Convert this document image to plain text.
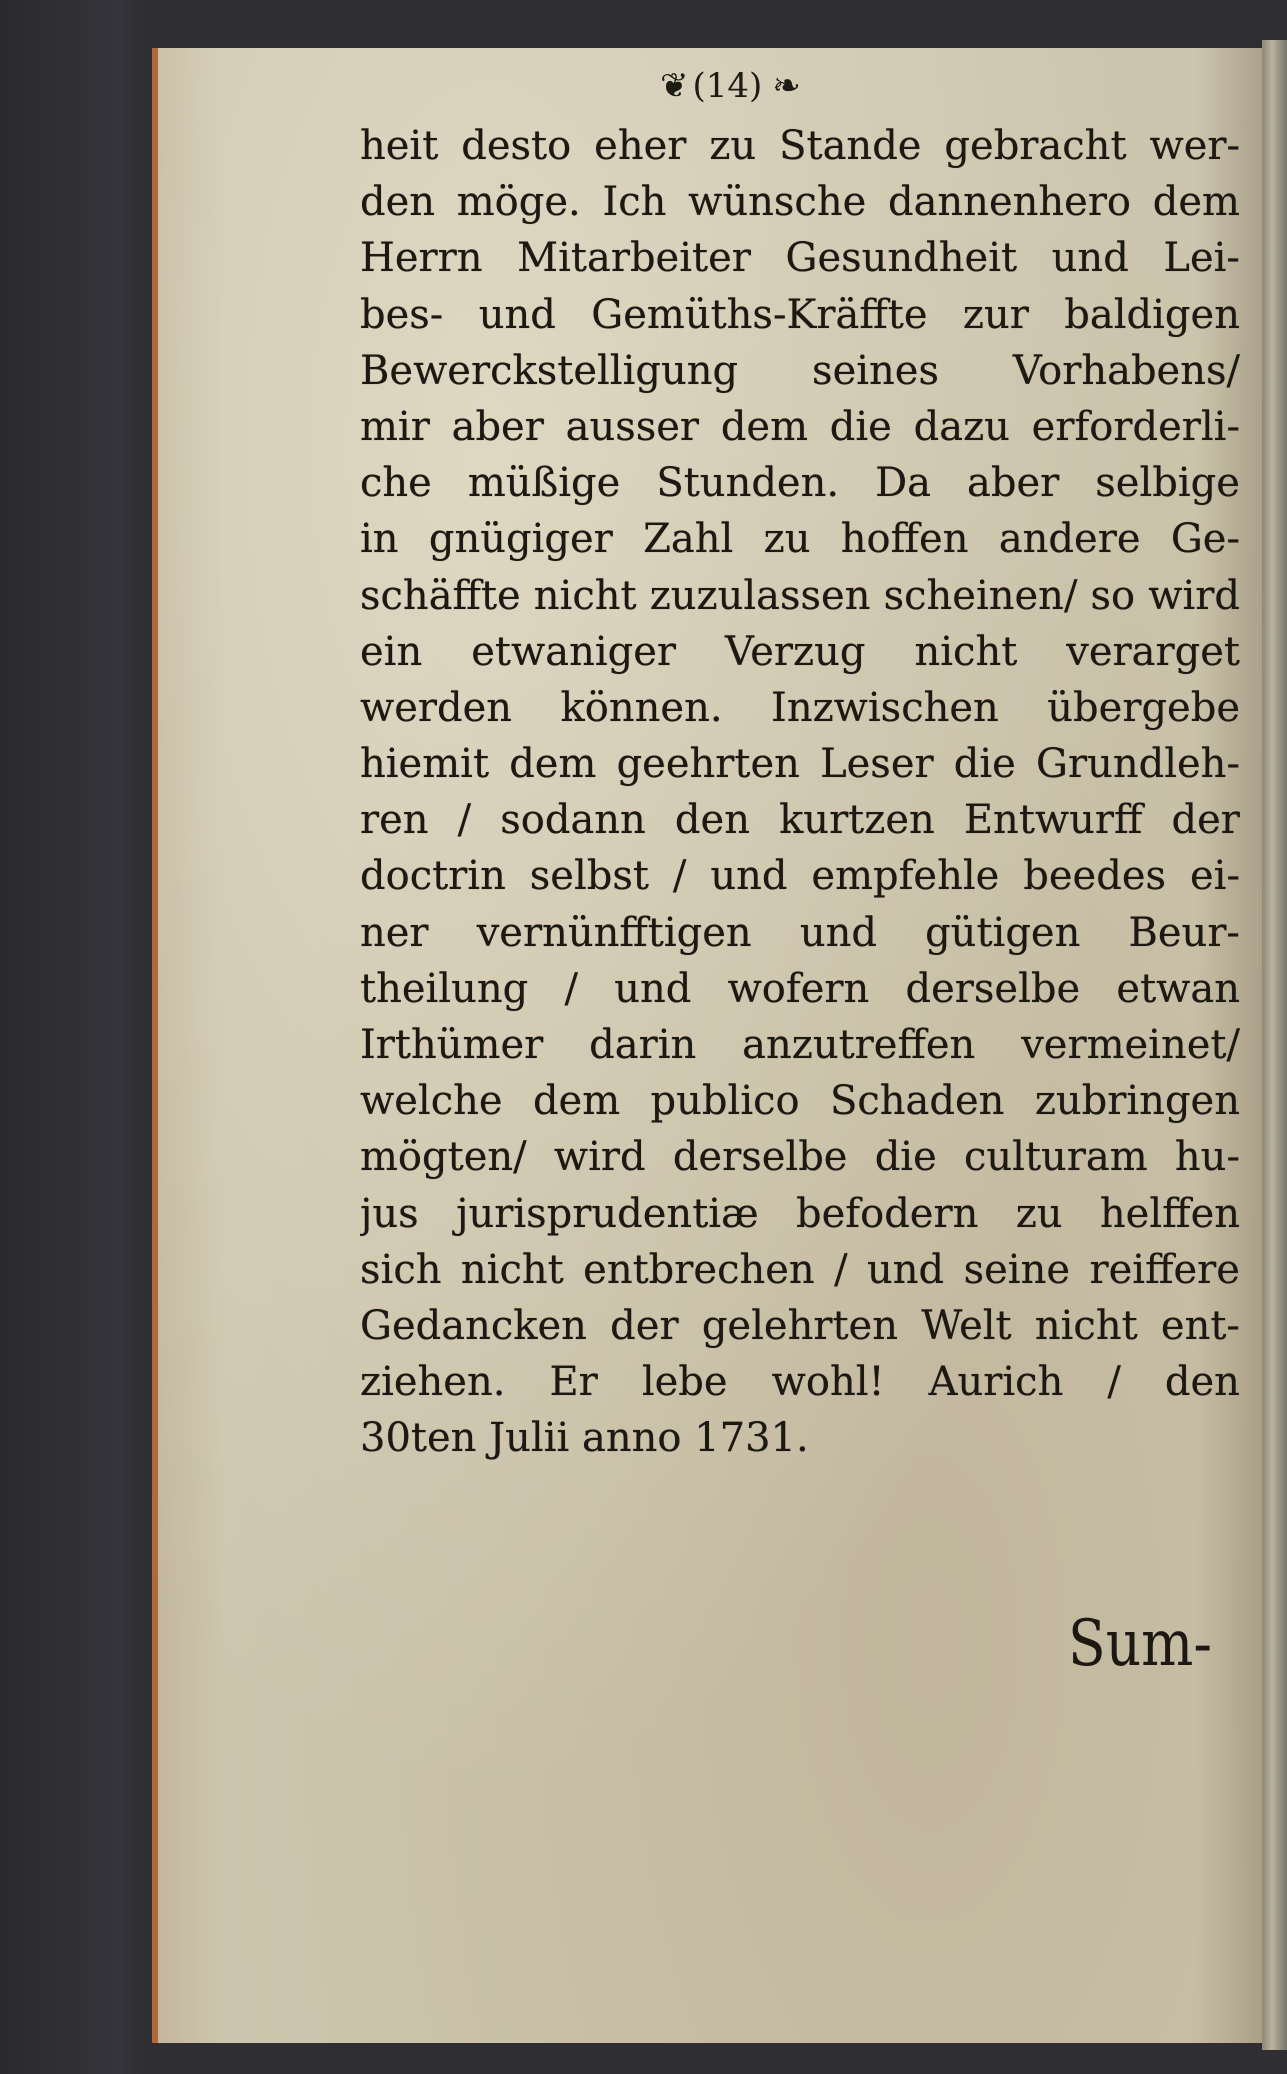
❦ (14) ❧
heit desto eher zu Stande gebracht wer-
den möge. Ich wünsche dannenhero dem
Herrn Mitarbeiter Gesundheit und Lei-
bes- und Gemüths-Kräffte zur baldigen
Bewerckstelligung seines Vorhabens/
mir aber ausser dem die dazu erforderli-
che müßige Stunden. Da aber selbige
in gnügiger Zahl zu hoffen andere Ge-
schäffte nicht zuzulassen scheinen/ so wird
ein etwaniger Verzug nicht verarget
werden können. Inzwischen übergebe
hiemit dem geehrten Leser die Grundleh-
ren / sodann den kurtzen Entwurff der
doctrin selbst / und empfehle beedes ei-
ner vernünfftigen und gütigen Beur-
theilung / und wofern derselbe etwan
Irthümer darin anzutreffen vermeinet/
welche dem publico Schaden zubringen
mögten/ wird derselbe die culturam hu-
jus jurisprudentiæ befodern zu helffen
sich nicht entbrechen / und seine reiffere
Gedancken der gelehrten Welt nicht ent-
ziehen. Er lebe wohl! Aurich / den
30ten Julii anno 1731.
Sum-
